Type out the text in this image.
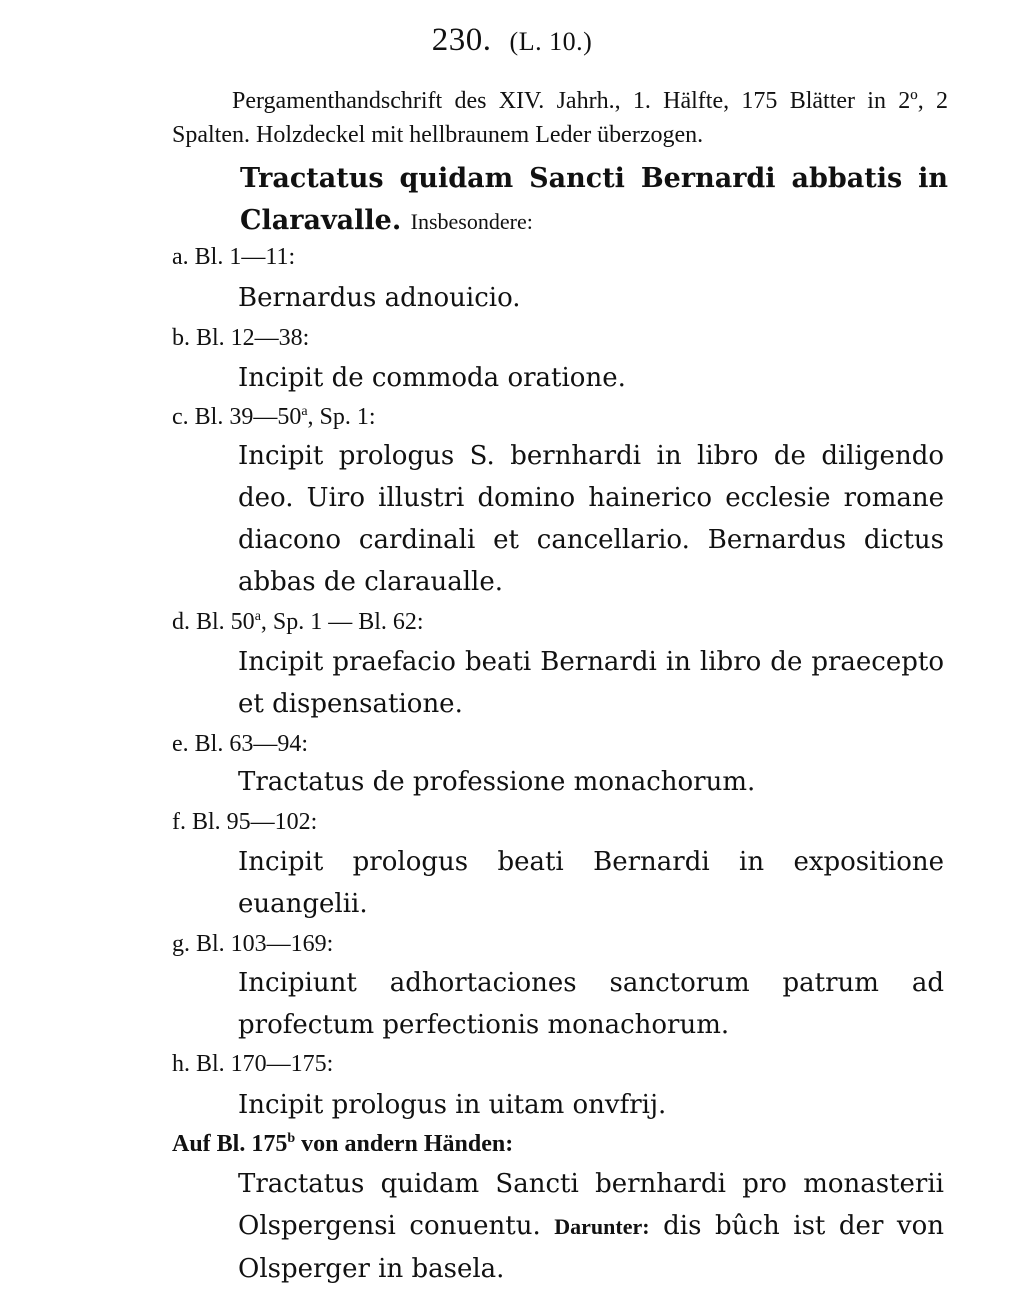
230. (L. 10.)
Pergamenthandschrift des XIV. Jahrh., 1. Hälfte, 175 Blätter in 2º, 2 Spalten. Holzdeckel mit hellbraunem Leder überzogen.
Tractatus quidam Sancti Bernardi abbatis in Claravalle. Insbesondere:
a. Bl. 1—11:
Bernardus adnouicio.
b. Bl. 12—38:
Incipit de commoda oratione.
c. Bl. 39—50$^a$, Sp. 1:
Incipit prologus S. bernhardi in libro de diligendo deo. Uiro illustri domino hainerico ecclesie romane diacono cardinali et cancellario. Bernardus dictus abbas de claraualle.
d. Bl. 50$^a$, Sp. 1 — Bl. 62:
Incipit praefacio beati Bernardi in libro de praecepto et dispensatione.
e. Bl. 63—94:
Tractatus de professione monachorum.
f. Bl. 95—102:
Incipit prologus beati Bernardi in expositione euangelii.
g. Bl. 103—169:
Incipiunt adhortaciones sanctorum patrum ad profectum perfectionis monachorum.
h. Bl. 170—175:
Incipit prologus in uitam onvfrij.
Auf Bl. 175$^b$ von andern Händen:
Tractatus quidam Sancti bernhardi pro monasterii Olspergensi conuentu. Darunter: dis bûch ist der von Olsperger in basela.
